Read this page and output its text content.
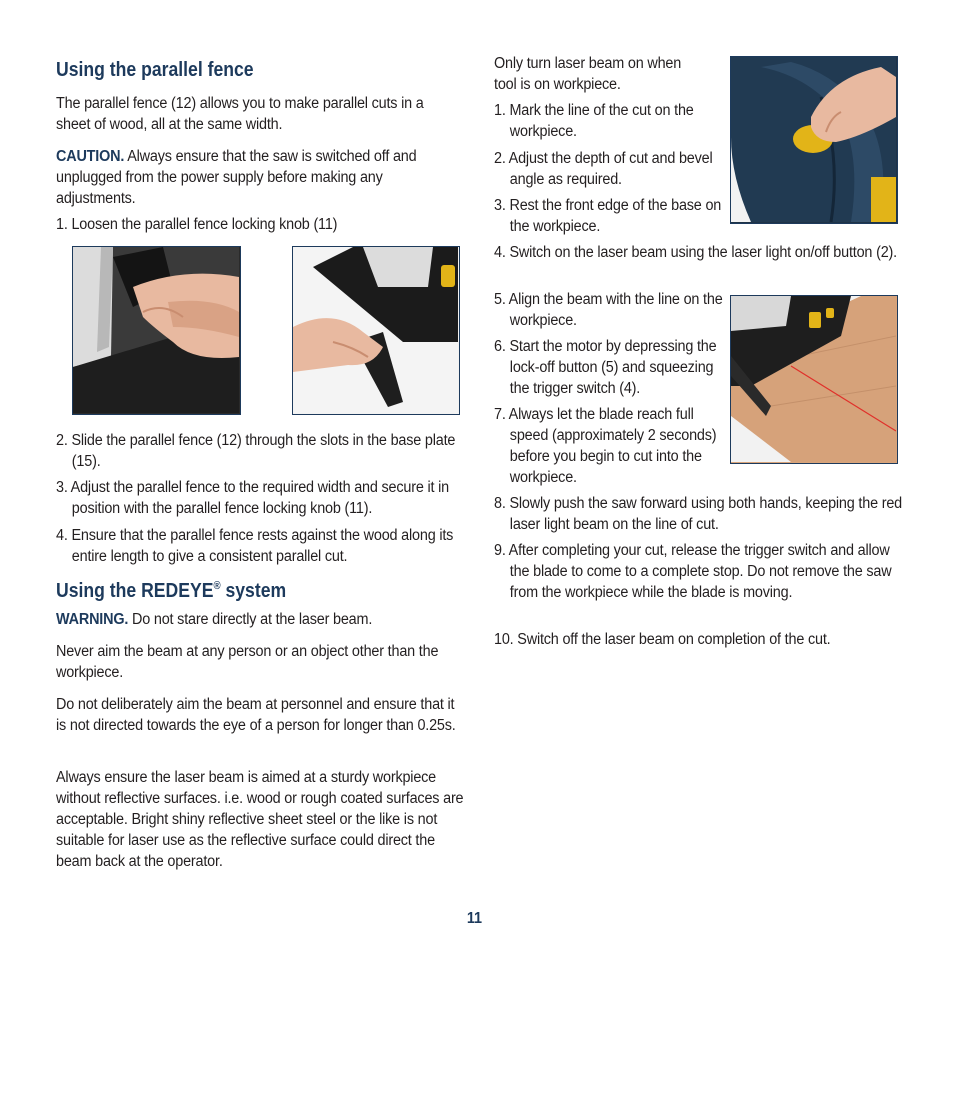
Using the parallel fence

The parallel fence (12) allows you to make parallel cuts in a sheet of wood, all at the same width.

CAUTION. Always ensure that the saw is switched off and unplugged from the power supply before making any adjustments.

1. Loosen the parallel fence locking knob (11)

2. Slide the parallel fence (12) through the slots in the base plate (15).

3. Adjust the parallel fence to the required width and secure it in position with the parallel fence locking knob (11).

4. Ensure that the parallel fence rests against the wood along its entire length to give a consistent parallel cut.

Using the REDEYE® system

WARNING. Do not stare directly at the laser beam.

Never aim the beam at any person or an object other than the workpiece.

Do not deliberately aim the beam at personnel and ensure that it is not directed towards the eye of a person for longer than 0.25s.

Always ensure the laser beam is aimed at a sturdy workpiece without reflective surfaces. i.e. wood or rough coated surfaces are acceptable. Bright shiny reflective sheet steel or the like is not suitable for laser use as the reflective surface could direct the beam back at the operator.

Only turn laser beam on when tool is on workpiece.

1. Mark the line of the cut on the workpiece.

2. Adjust the depth of cut and bevel angle as required.

3. Rest the front edge of the base on the workpiece.

4. Switch on the laser beam using the laser light on/off button (2).

5. Align the beam with the line on the workpiece.

6. Start the motor by depressing the lock-off button (5) and squeezing the trigger switch (4).

7. Always let the blade reach full speed (approximately 2 seconds) before you begin to cut into the workpiece.

8. Slowly push the saw forward using both hands, keeping the red laser light beam on the line of cut.

9. After completing your cut, release the trigger switch and allow the blade to come to a complete stop. Do not remove the saw from the workpiece while the blade is moving.

10. Switch off the laser beam on completion of the cut.

11
